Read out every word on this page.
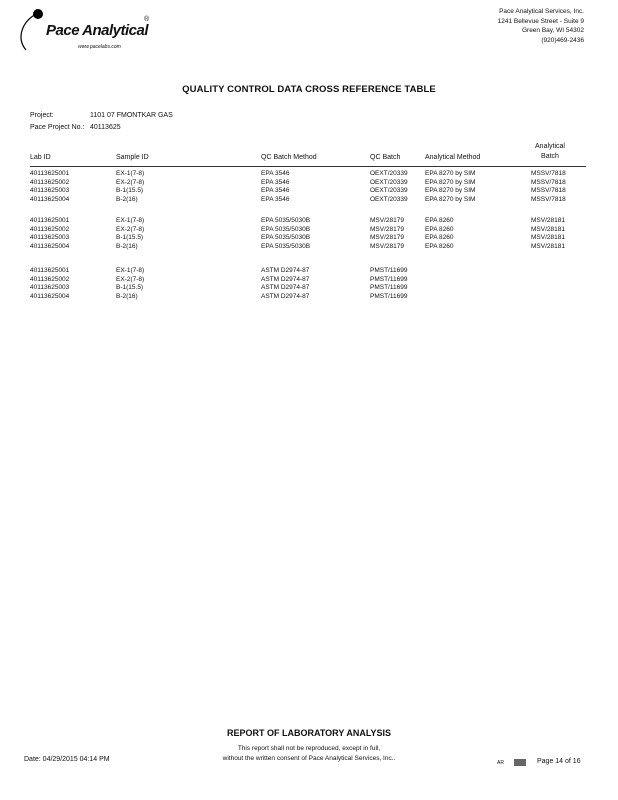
Pace Analytical
®
www.pacelabs.com
Pace Analytical Services, Inc.
1241 Bellevue Street - Suite 9
Green Bay, WI 54302
(920)469-2436
QUALITY CONTROL DATA CROSS REFERENCE TABLE
Project:	1101 07 FMONTKAR GAS
Pace Project No.: 40113625
Lab ID	Sample ID	QC Batch Method	QC Batch	Analytical Method
Analytical
Batch
40113625001	EX-1(7-8)	EPA 3546	OEXT/20339	EPA 8270 by SIM	MSSV/7818
40113625002	EX-2(7-8)	EPA 3546	OEXT/20339	EPA 8270 by SIM	MSSV/7818
40113625003	B-1(15.5)	EPA 3546	OEXT/20339	EPA 8270 by SIM	MSSV/7818
40113625004	B-2(16)	EPA 3546	OEXT/20339	EPA 8270 by SIM	MSSV/7818
40113625001	EX-1(7-8)	EPA 5035/5030B	MSV/28179	EPA 8260	MSV/28181
40113625002	EX-2(7-8)	EPA 5035/5030B	MSV/28179	EPA 8260	MSV/28181
40113625003	B-1(15.5)	EPA 5035/5030B	MSV/28179	EPA 8260	MSV/28181
40113625004	B-2(16)	EPA 5035/5030B	MSV/28179	EPA 8260	MSV/28181
40113625001	EX-1(7-8)	ASTM D2974-87	PMST/11699
40113625002	EX-2(7-8)	ASTM D2974-87	PMST/11699
40113625003	B-1(15.5)	ASTM D2974-87	PMST/11699
40113625004	B-2(16)	ASTM D2974-87	PMST/11699
REPORT OF LABORATORY ANALYSIS
This report shall not be reproduced, except in full,
without the written consent of Pace Analytical Services, Inc..
Date: 04/29/2015 04:14 PM	AR	Page 14 of 16
